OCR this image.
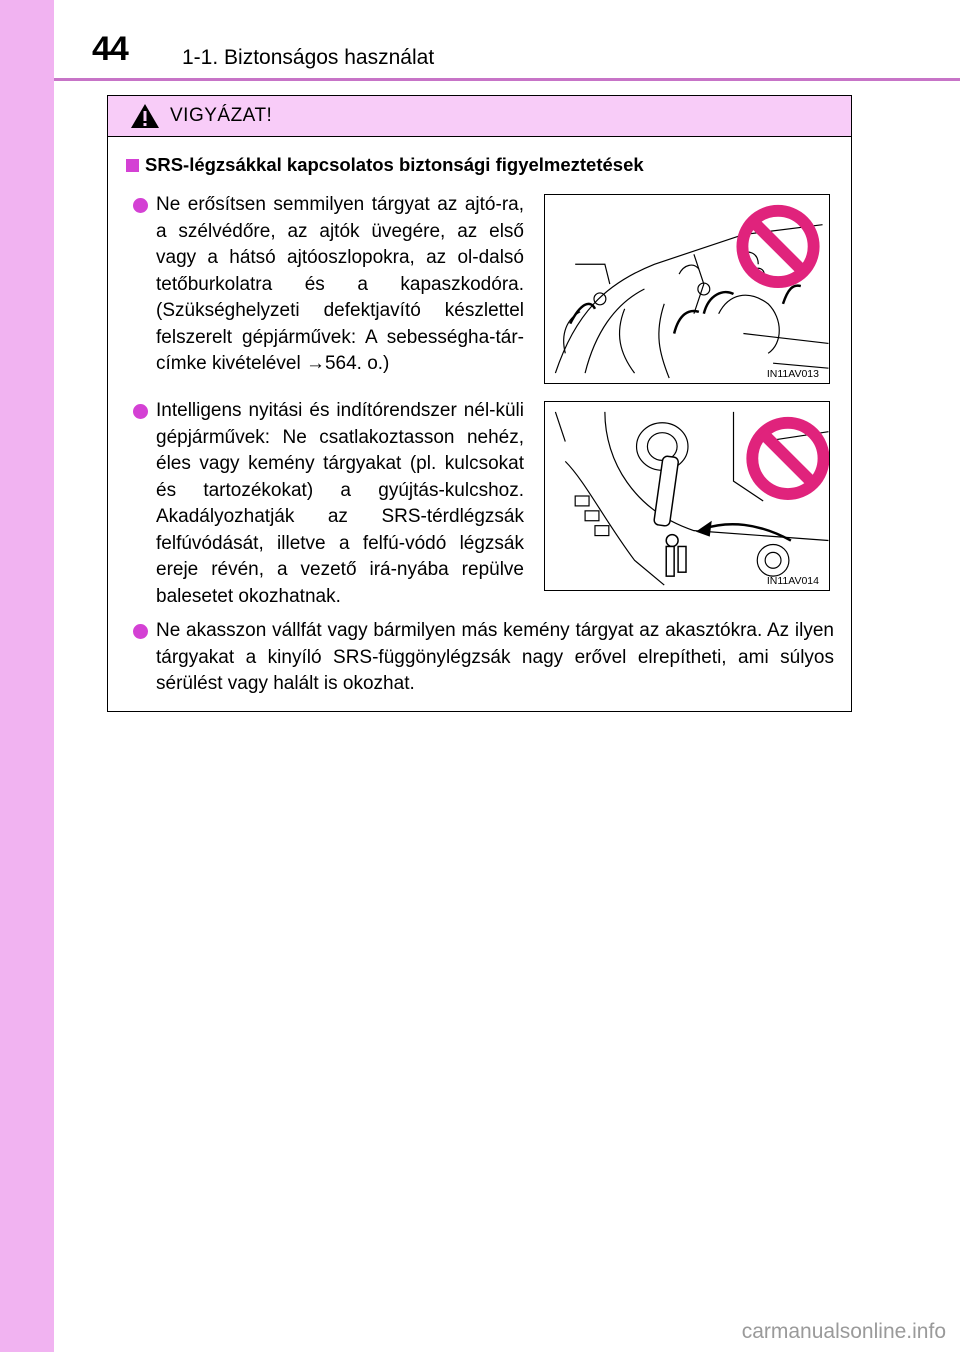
44	1-1. Biztonságos használat
VIGYÁZAT!
SRS-légzsákkal kapcsolatos biztonsági figyelmeztetések
Ne erősítsen semmilyen tárgyat az ajtó-ra, a szélvédőre, az ajtók üvegére, az első vagy a hátsó ajtóoszlopokra, az ol-dalsó tetőburkolatra és a kapaszkodóra. (Szükséghelyzeti defektjavító készlettel felszerelt gépjárművek: A sebességha-tár-címke kivételével →564. o.)	IN11AV013
Intelligens nyitási és indítórendszer nél-küli gépjárművek: Ne csatlakoztasson nehéz, éles vagy kemény tárgyakat (pl. kulcsokat és tartozékokat) a gyújtás-kulcshoz. Akadályozhatják az SRS-térdlégzsák felfúvódását, illetve a felfú-vódó légzsák ereje révén, a vezető irá-nyába repülve balesetet okozhatnak.
IN11AV014
Ne akasszon vállfát vagy bármilyen más kemény tárgyat az akasztókra. Az ilyen tárgyakat a kinyíló SRS-függönylégzsák nagy erővel elrepítheti, ami súlyos sérülést vagy halált is okozhat.
carmanualsonline.info
